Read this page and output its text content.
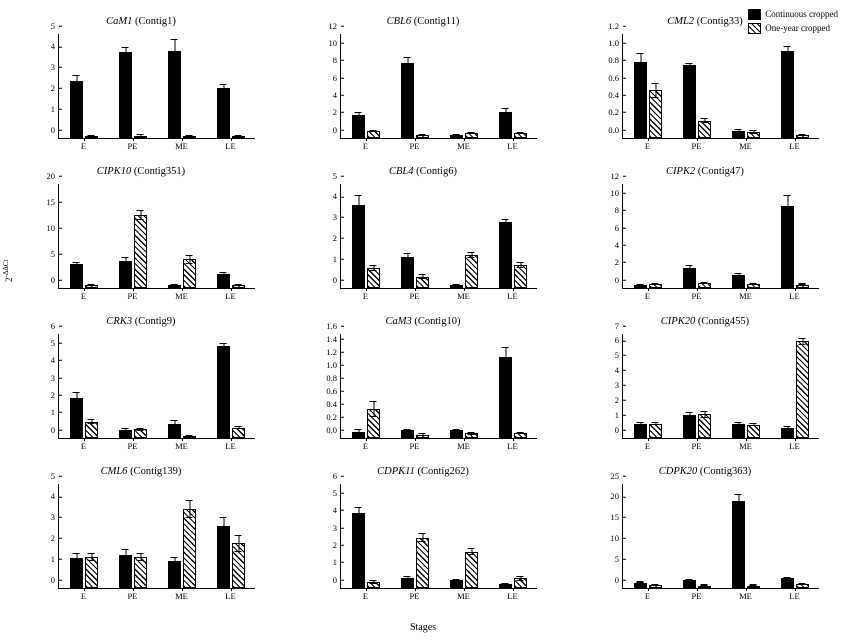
Continuous cropped
One-year cropped
$2^{-\Delta\Delta Ct}$
CaM1 (Contig1)
0
1
2
3
4
5
E	PE	ME	LE
CBL6 (Contig11)
0
2
4
6
8
10
12
E	PE	ME	LE
CML2 (Contig33)
0.0
0.2
0.4
0.6
0.8
1.0
1.2
E	PE	ME	LE
CIPK10 (Contig351)
0
5
10
15
20
E	PE	ME	LE
CBL4 (Contig6)
0
1
2
3
4
5
E	PE	ME	LE
CIPK2 (Contig47)
0
2
4
6
8
10
12
E	PE	ME	LE
CRK3 (Contig9)
0
1
2
3
4
5
6
E	PE	ME	LE
CaM3 (Contig10)
0.0
0.2
0.4
0.6
0.8
1.0
1.2
1.4
1.6
E	PE	ME	LE
CIPK20 (Contig455)
0
1
2
3
4
5
6
7
E	PE	ME	LE
CML6 (Contig139)
0
1
2
3
4
5
E	PE	ME	LE
CDPK11 (Contig262)
0
1
2
3
4
5
6
E	PE	ME	LE
CDPK20 (Contig363)
0
5
10
15
20
25
E	PE	ME	LE
Stages
